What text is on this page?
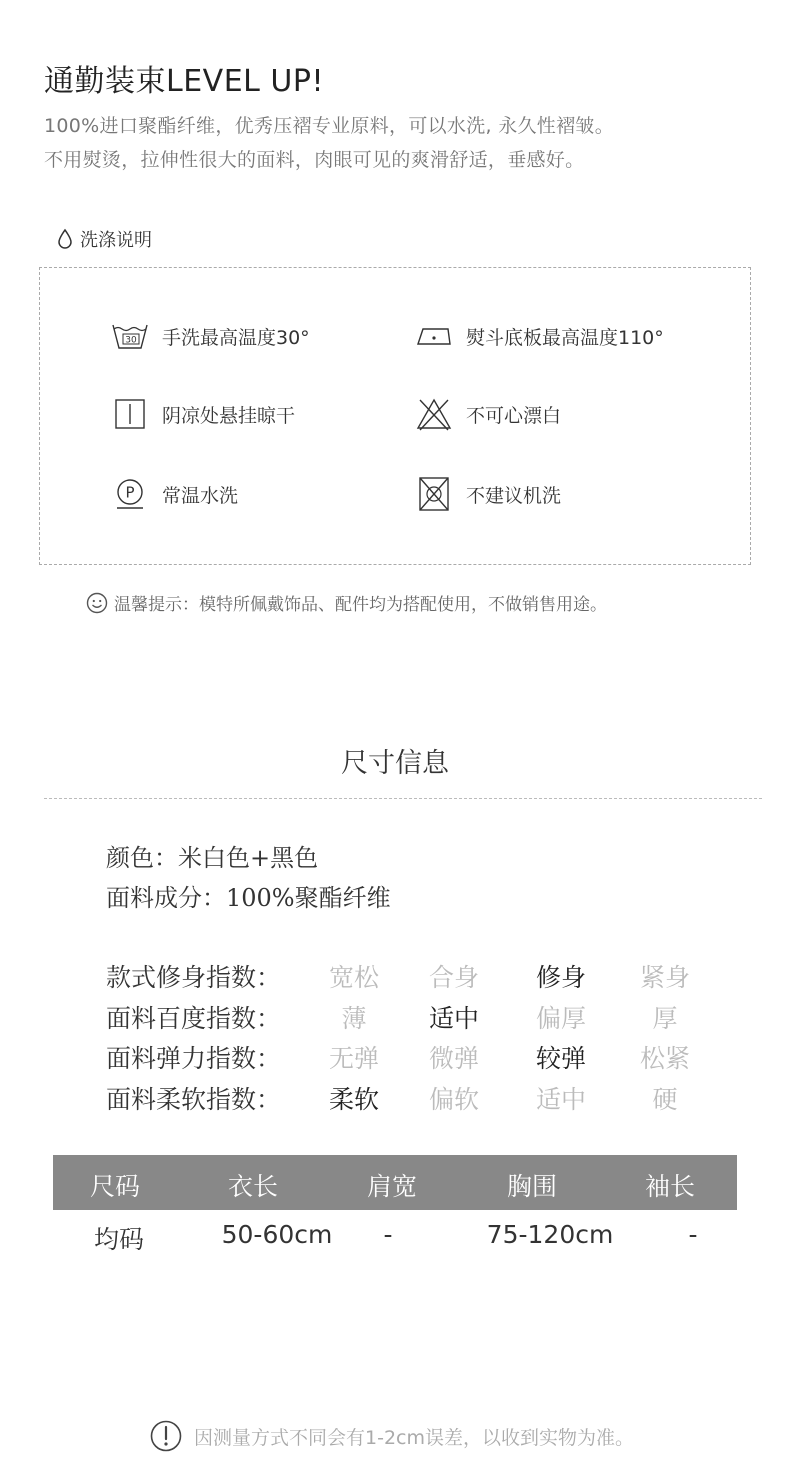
通勤装束LEVEL UP!
100%进口聚酯纤维，优秀压褶专业原料，可以水洗, 永久性褶皱。
不用熨烫，拉伸性很大的面料，肉眼可见的爽滑舒适，垂感好。
洗涤说明
30 手洗最高温度30°	熨斗底板最高温度110°
阴凉处悬挂晾干	不可心漂白
P 常温水洗	不建议机洗
温馨提示：模特所佩戴饰品、配件均为搭配使用，不做销售用途。
尺寸信息
颜色：米白色+黑色
面料成分：100%聚酯纤维
款式修身指数：	宽松	合身	修身	紧身
面料百度指数：	薄	适中	偏厚	厚
面料弹力指数：	无弹	微弹	较弹	松紧
面料柔软指数：	柔软	偏软	适中	硬
尺码	衣长	肩宽	胸围	袖长
均码	50-60cm	-	75-120cm	-
因测量方式不同会有1-2cm误差，以收到实物为准。
